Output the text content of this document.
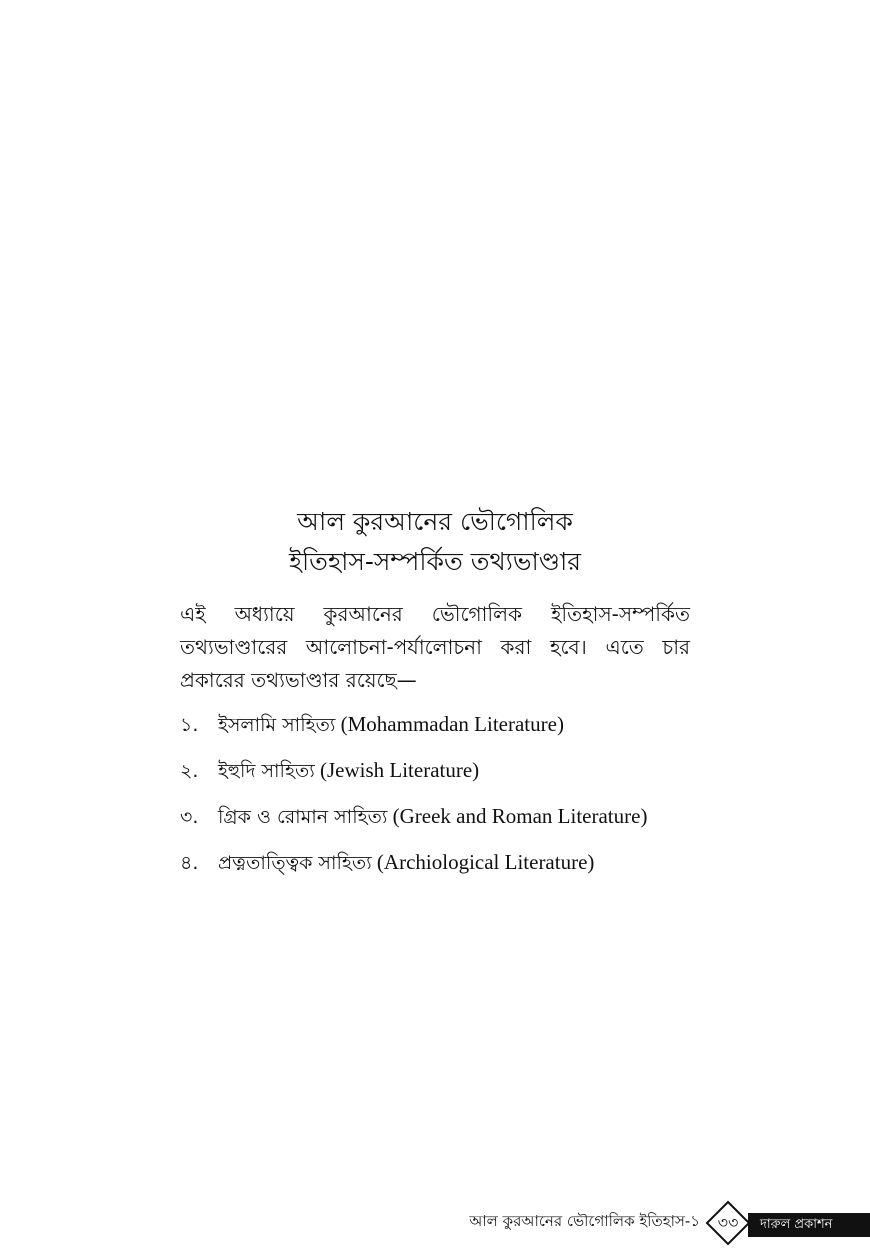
আল কুরআনের ভৌগোলিক
ইতিহাস-সম্পর্কিত তথ্যভাণ্ডার
এই অধ্যায়ে কুরআনের ভৌগোলিক ইতিহাস-সম্পর্কিত
তথ্যভাণ্ডারের আলোচনা-পর্যালোচনা করা হবে। এতে চার
প্রকারের তথ্যভাণ্ডার রয়েছে—
১. ইসলামি সাহিত্য (Mohammadan Literature)
২. ইহুদি সাহিত্য (Jewish Literature)
৩. গ্রিক ও রোমান সাহিত্য (Greek and Roman Literature)
৪. প্রত্নতাত্ত্বিক সাহিত্য (Archiological Literature)
আল কুরআনের ভৌগোলিক ইতিহাস-১	৩৩	দারুল প্রকাশন
